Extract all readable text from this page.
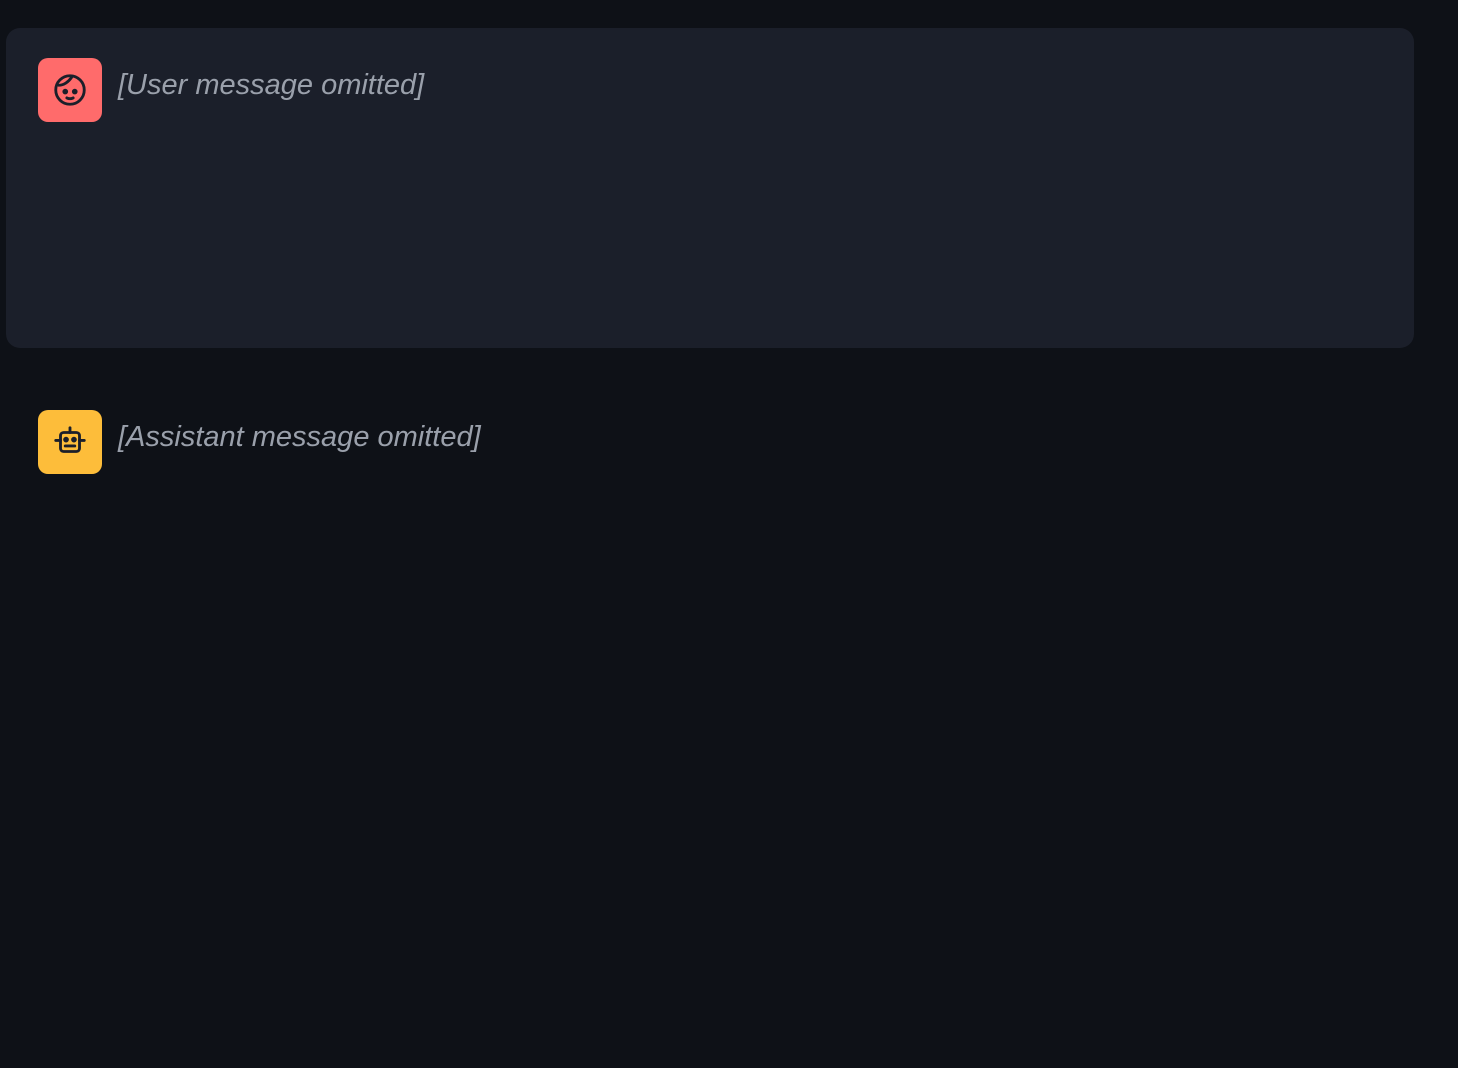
[User message omitted]
[Assistant message omitted]
